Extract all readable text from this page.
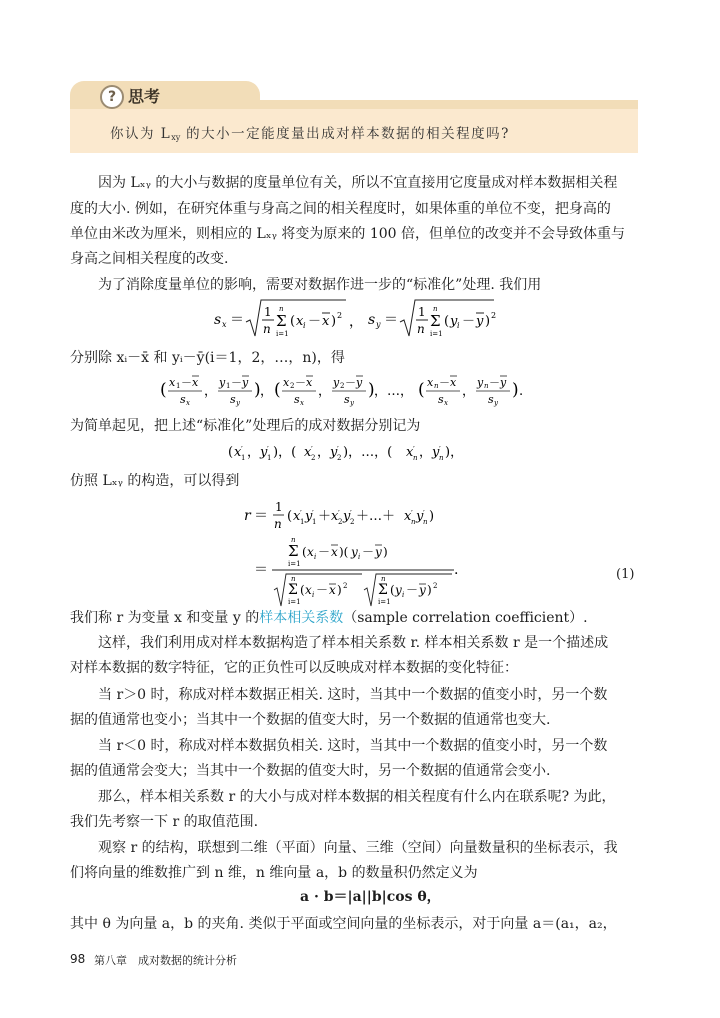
? 思考
你认为 $L_{xy}$ 的大小一定能度量出成对样本数据的相关程度吗?
因为 Lₓᵧ 的大小与数据的度量单位有关，所以不宜直接用它度量成对样本数据相关程
度的大小. 例如，在研究体重与身高之间的相关程度时，如果体重的单位不变，把身高的
单位由米改为厘米，则相应的 Lₓᵧ 将变为原来的 100 倍，但单位的改变并不会导致体重与
身高之间相关程度的改变.
为了消除度量单位的影响，需要对数据作进一步的“标准化”处理. 我们用
s x ＝ 1
n Σ
n
i=1
( x i － x ) 2 ， s y ＝ 1
n Σ
n
i=1
( y i － y ) 2
分别除 xᵢ－x̄ 和 yᵢ－ȳ(i＝1，2，…，n)，得
( x 1 － x
s x
，
y 1 － y
s y
) ， ( x 2 － x
s x
，
y 2 － y
s y
) ，…， ( x n － x
s x
，
y n － y
s y
) .
为简单起见，把上述“标准化”处理后的成对数据分别记为
( x ′
1 ， y ′
1 )，( x ′
2 ， y ′
2 )，…，( x ′
n ， y ′
n )，
仿照 Lₓᵧ 的构造，可以得到
r ＝
1
n ( x ′
1 y ′
1 ＋ x ′
2 y ′
2 ＋…＋ x ′
n y ′
n )
＝
Σ
n
i=1
( x i － x )( y i － y )
Σ
n
i=1
( x i － x ) 2 Σ
n
i=1
( y i － y ) 2
.	(1)
我们称 r 为变量 x 和变量 y 的样本相关系数（sample correlation coefficient）.
这样，我们利用成对样本数据构造了样本相关系数 r. 样本相关系数 r 是一个描述成
对样本数据的数字特征，它的正负性可以反映成对样本数据的变化特征：
当 r＞0 时，称成对样本数据正相关. 这时，当其中一个数据的值变小时，另一个数
据的值通常也变小；当其中一个数据的值变大时，另一个数据的值通常也变大.
当 r＜0 时，称成对样本数据负相关. 这时，当其中一个数据的值变小时，另一个数
据的值通常会变大；当其中一个数据的值变大时，另一个数据的值通常会变小.
那么，样本相关系数 r 的大小与成对样本数据的相关程度有什么内在联系呢? 为此，
我们先考察一下 r 的取值范围.
观察 r 的结构，联想到二维（平面）向量、三维（空间）向量数量积的坐标表示，我
们将向量的维数推广到 n 维，n 维向量 a，b 的数量积仍然定义为
a · b＝|a||b|cos θ，
其中 θ 为向量 a，b 的夹角. 类似于平面或空间向量的坐标表示，对于向量 a＝(a₁，a₂，
98 第八章　成对数据的统计分析
